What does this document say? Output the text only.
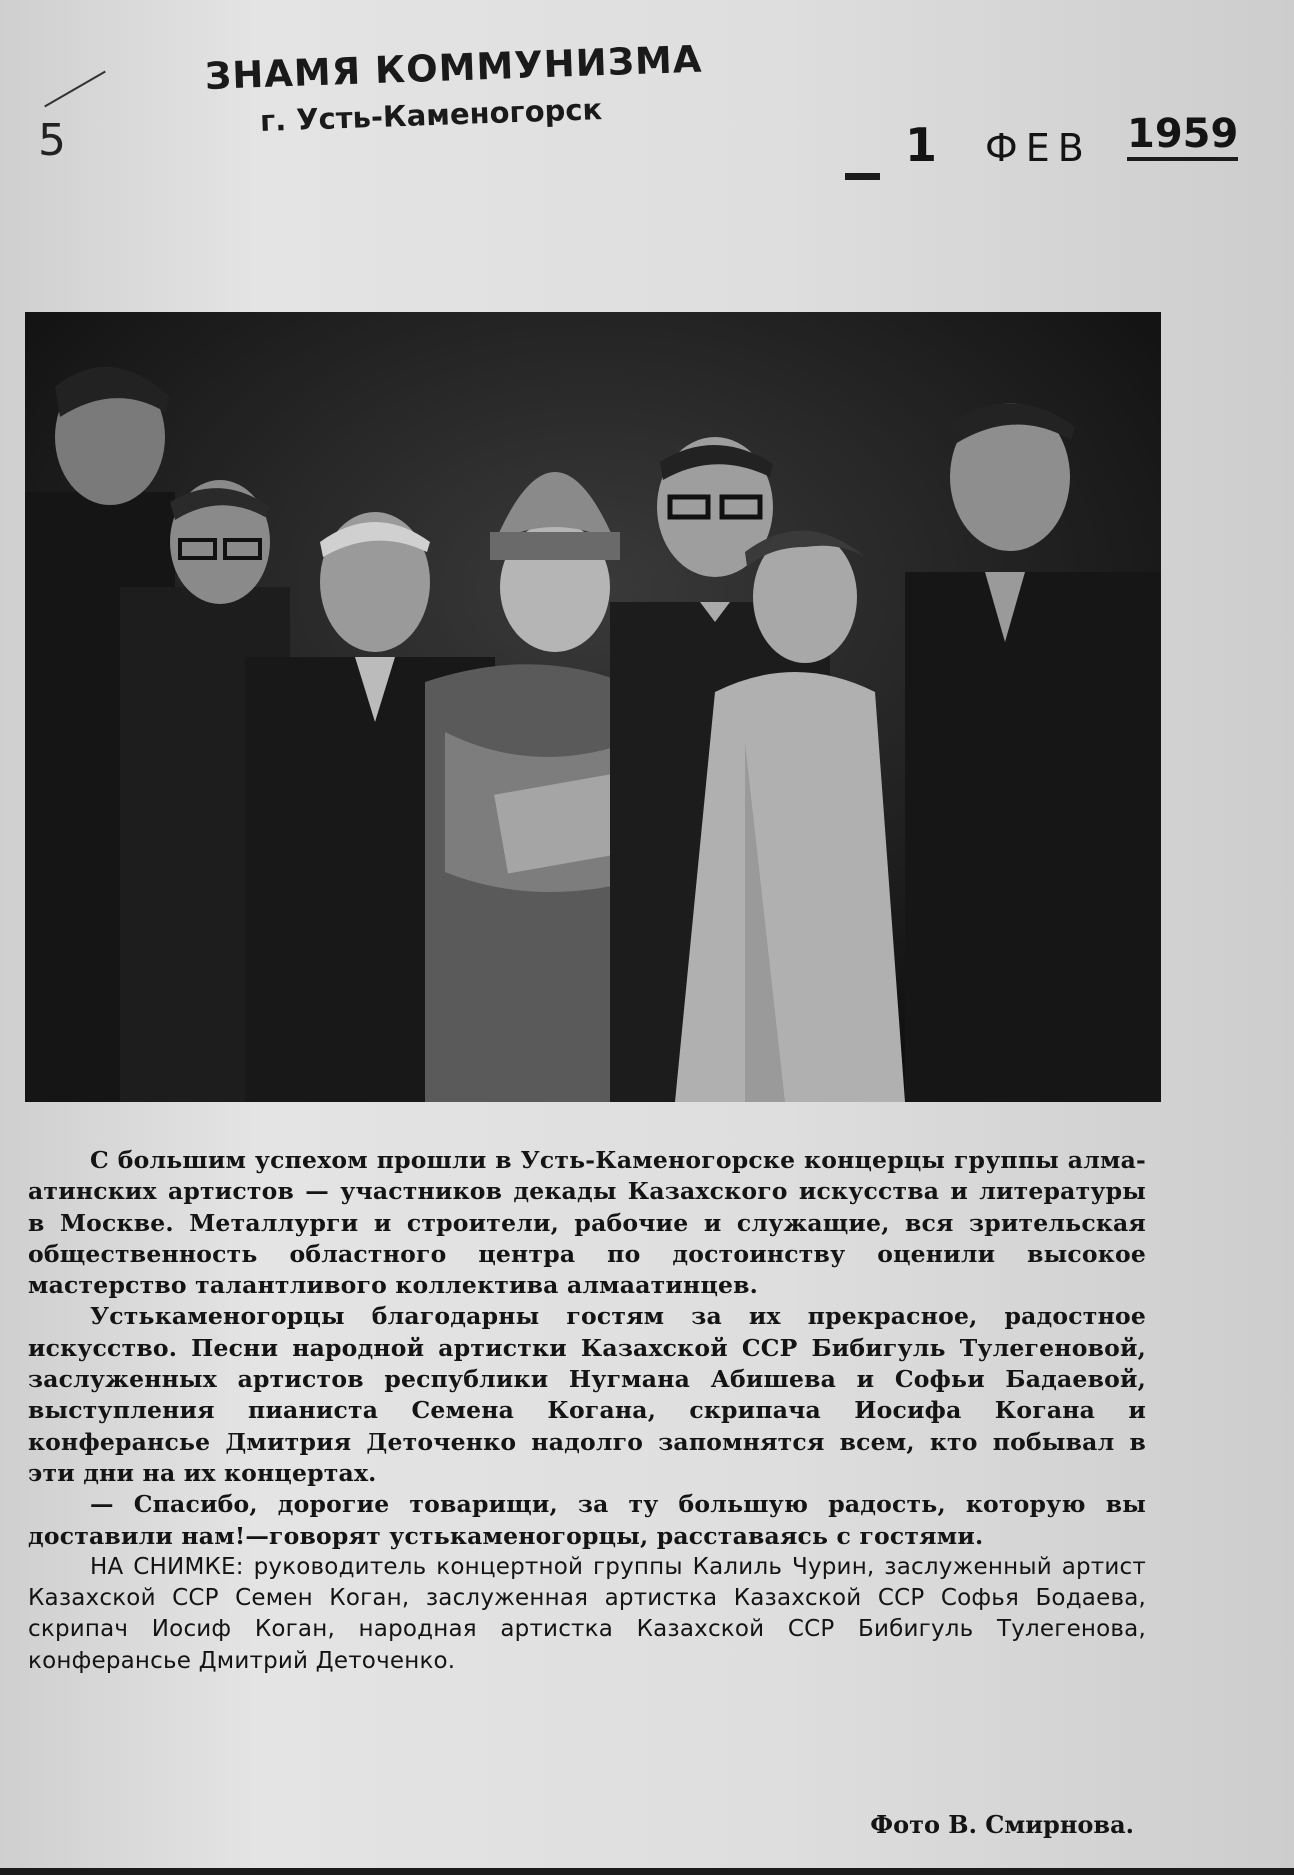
5
ЗНАМЯ КОММУНИЗМА
г. Усть-Каменогорск
1 ФЕВ 1959

С большим успехом прошли в Усть-Каменогорске концерцы группы алма-атинских артистов — участников декады Казахского искусства и литературы в Москве. Металлурги и строители, рабочие и служащие, вся зрительская общественность областного центра по достоинству оценили высокое мастерство талантливого коллектива алмаатинцев.

Устькаменогорцы благодарны гостям за их прекрасное, радостное искусство. Песни народной артистки Казахской ССР Бибигуль Тулегеновой, заслуженных артистов республики Нугмана Абишева и Софьи Бадаевой, выступления пианиста Семена Когана, скрипача Иосифа Когана и конферансье Дмитрия Деточенко надолго запомнятся всем, кто побывал в эти дни на их концертах.

— Спасибо, дорогие товарищи, за ту большую радость, которую вы доставили нам!—говорят устькаменогорцы, расставаясь с гостями.

НА СНИМКЕ: руководитель концертной группы Калиль Чурин, заслуженный артист Казахской ССР Семен Коган, заслуженная артистка Казахской ССР Софья Бодаева, скрипач Иосиф Коган, народная артистка Казахской ССР Бибигуль Тулегенова, конферансье Дмитрий Деточенко.

Фото В. Смирнова.
